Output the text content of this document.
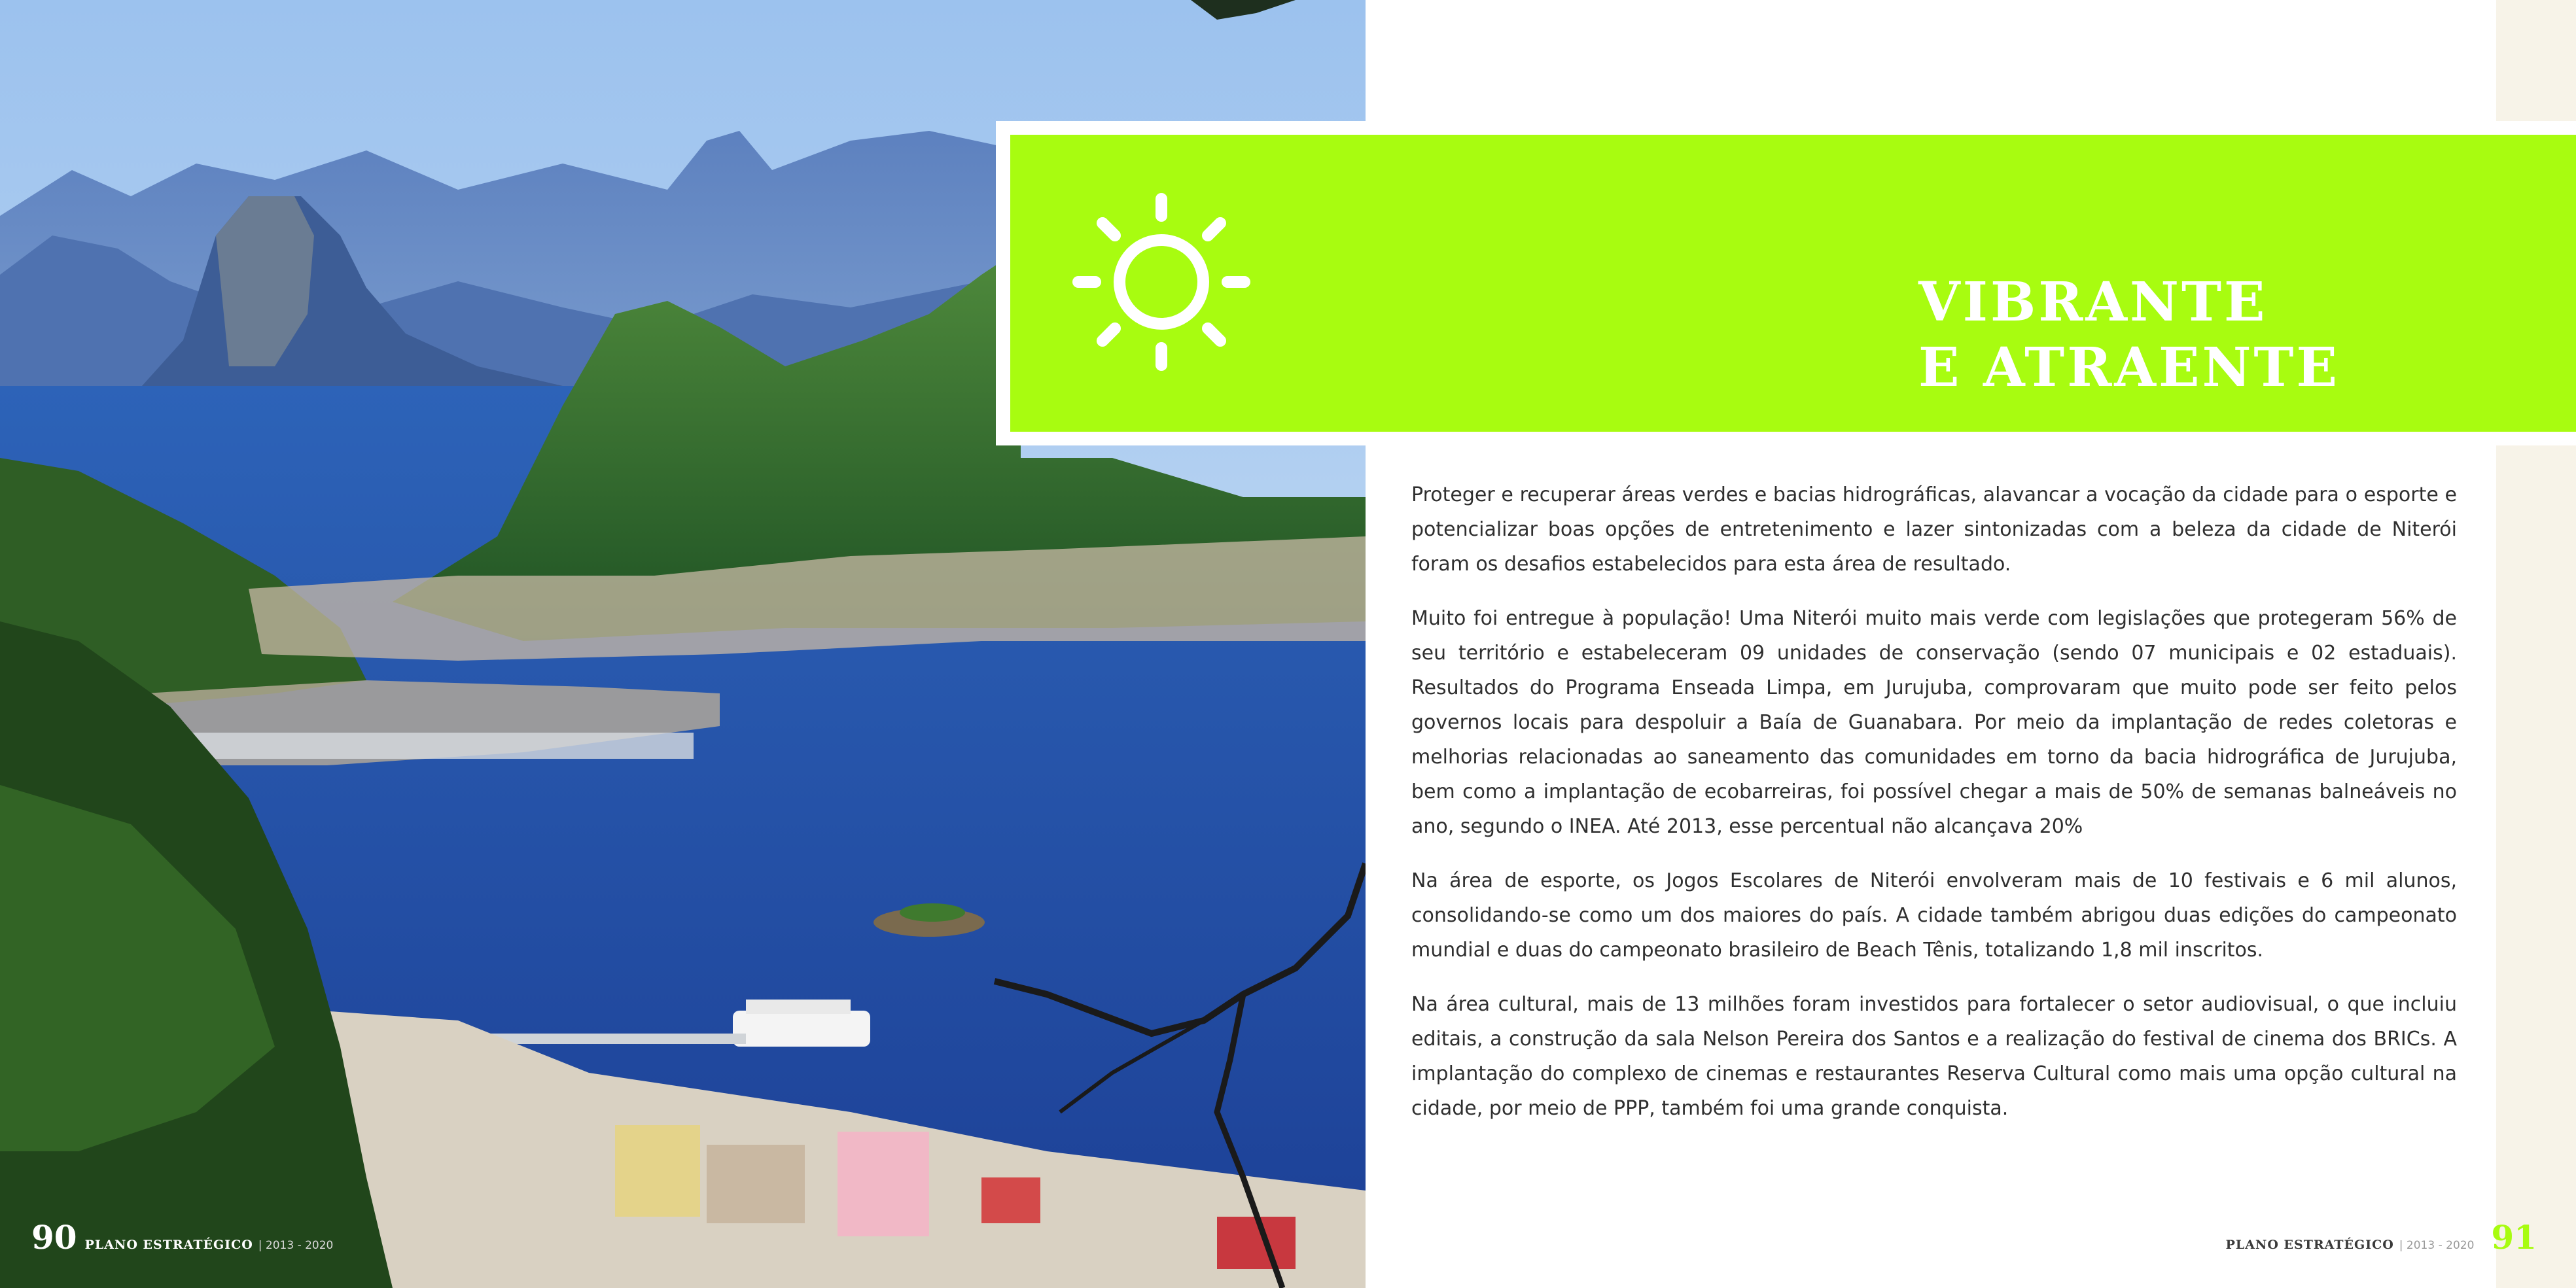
VIBRANTE
E ATRAENTE

Proteger e recuperar áreas verdes e bacias hidrográficas, alavancar a vocação da cidade para o esporte e potencializar boas opções de entretenimento e lazer sintonizadas com a beleza da cidade de Niterói foram os desafios estabelecidos para esta área de resultado.

Muito foi entregue à população! Uma Niterói muito mais verde com legislações que protegeram 56% de seu território e estabeleceram 09 unidades de conservação (sendo 07 municipais e 02 estaduais). Resultados do Programa Enseada Limpa, em Jurujuba, comprovaram que muito pode ser feito pelos governos locais para despoluir a Baía de Guanabara. Por meio da implantação de redes coletoras e melhorias relacionadas ao saneamento das comunidades em torno da bacia hidrográfica de Jurujuba, bem como a implantação de ecobarreiras, foi possível chegar a mais de 50% de semanas balneáveis no ano, segundo o INEA. Até 2013, esse percentual não alcançava 20%

Na área de esporte, os Jogos Escolares de Niterói envolveram mais de 10 festivais e 6 mil alunos, consolidando-se como um dos maiores do país. A cidade também abrigou duas edições do campeonato mundial e duas do campeonato brasileiro de Beach Tênis, totalizando 1,8 mil inscritos.

Na área cultural, mais de 13 milhões foram investidos para fortalecer o setor audiovisual, o que incluiu editais, a construção da sala Nelson Pereira dos Santos e a realização do festival de cinema dos BRICs. A implantação do complexo de cinemas e restaurantes Reserva Cultural como mais uma opção cultural na cidade, por meio de PPP, também foi uma grande conquista.

90 PLANO ESTRATÉGICO | 2013 - 2020	PLANO ESTRATÉGICO | 2013 - 2020 91
